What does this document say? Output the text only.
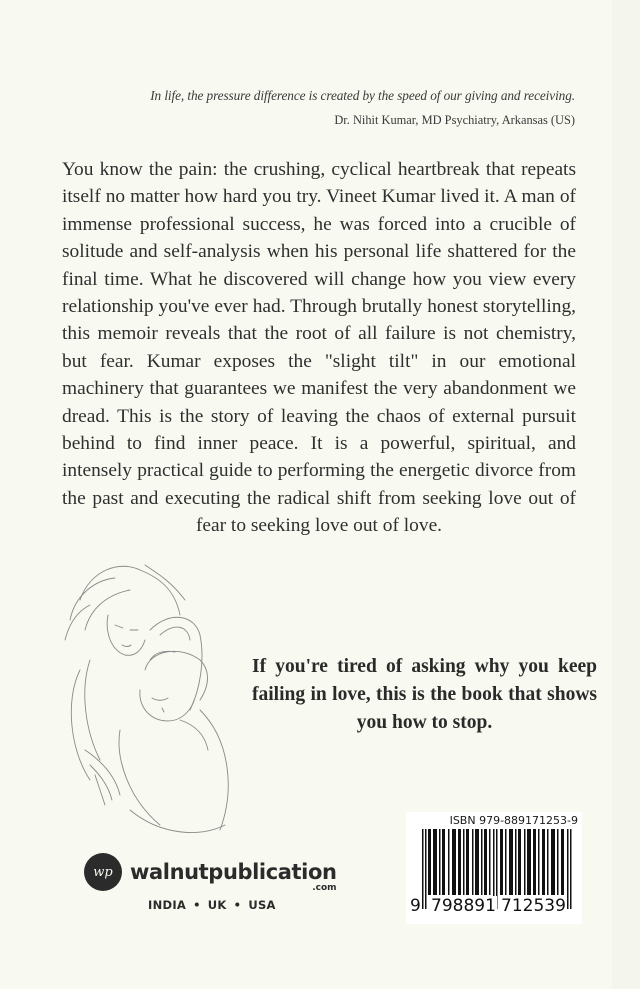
In life, the pressure difference is created by the speed of our giving and receiving.
Dr. Nihit Kumar, MD Psychiatry, Arkansas (US)

You know the pain: the crushing, cyclical heartbreak that repeats itself no matter how hard you try. Vineet Kumar lived it. A man of immense professional success, he was forced into a crucible of solitude and self-analysis when his personal life shattered for the final time. What he discovered will change how you view every relationship you've ever had. Through brutally honest storytelling, this memoir reveals that the root of all failure is not chemistry, but fear. Kumar exposes the "slight tilt" in our emotional machinery that guarantees we manifest the very abandonment we dread. This is the story of leaving the chaos of external pursuit behind to find inner peace. It is a powerful, spiritual, and intensely practical guide to performing the energetic divorce from the past and executing the radical shift from seeking love out of fear to seeking love out of love.

If you're tired of asking why you keep failing in love, this is the book that shows you how to stop.

ISBN 979-889171253-9
9 798891 712539
wp walnutpublication
.com
INDIA • UK • USA
